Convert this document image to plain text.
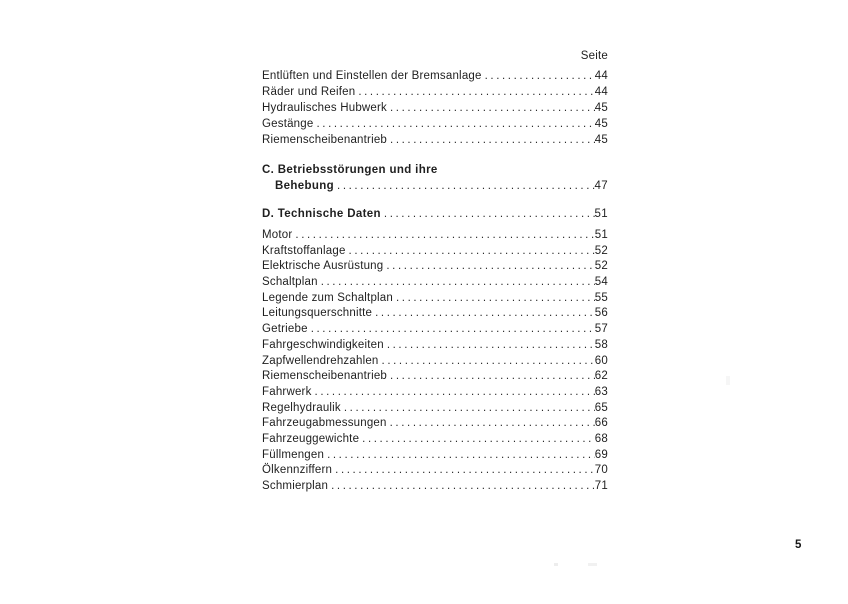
Seite
Entlüften und Einstellen der Bremsanlage .....	44
Räder und Reifen .....	44
Hydraulisches Hubwerk .....	45
Gestänge .....	45
Riemenscheibenantrieb .....	45
C. Betriebsstörungen und ihre
Behebung .....	47
D. Technische Daten .....	51
Motor .....	51
Kraftstoffanlage .....	52
Elektrische Ausrüstung .....	52
Schaltplan .....	54
Legende zum Schaltplan .....	55
Leitungsquerschnitte .....	56
Getriebe .....	57
Fahrgeschwindigkeiten .....	58
Zapfwellendrehzahlen .....	60
Riemenscheibenantrieb .....	62
Fahrwerk .....	63
Regelhydraulik .....	65
Fahrzeugabmessungen .....	66
Fahrzeuggewichte .....	68
Füllmengen .....	69
Ölkennziffern .....	70
Schmierplan .....	71
5
